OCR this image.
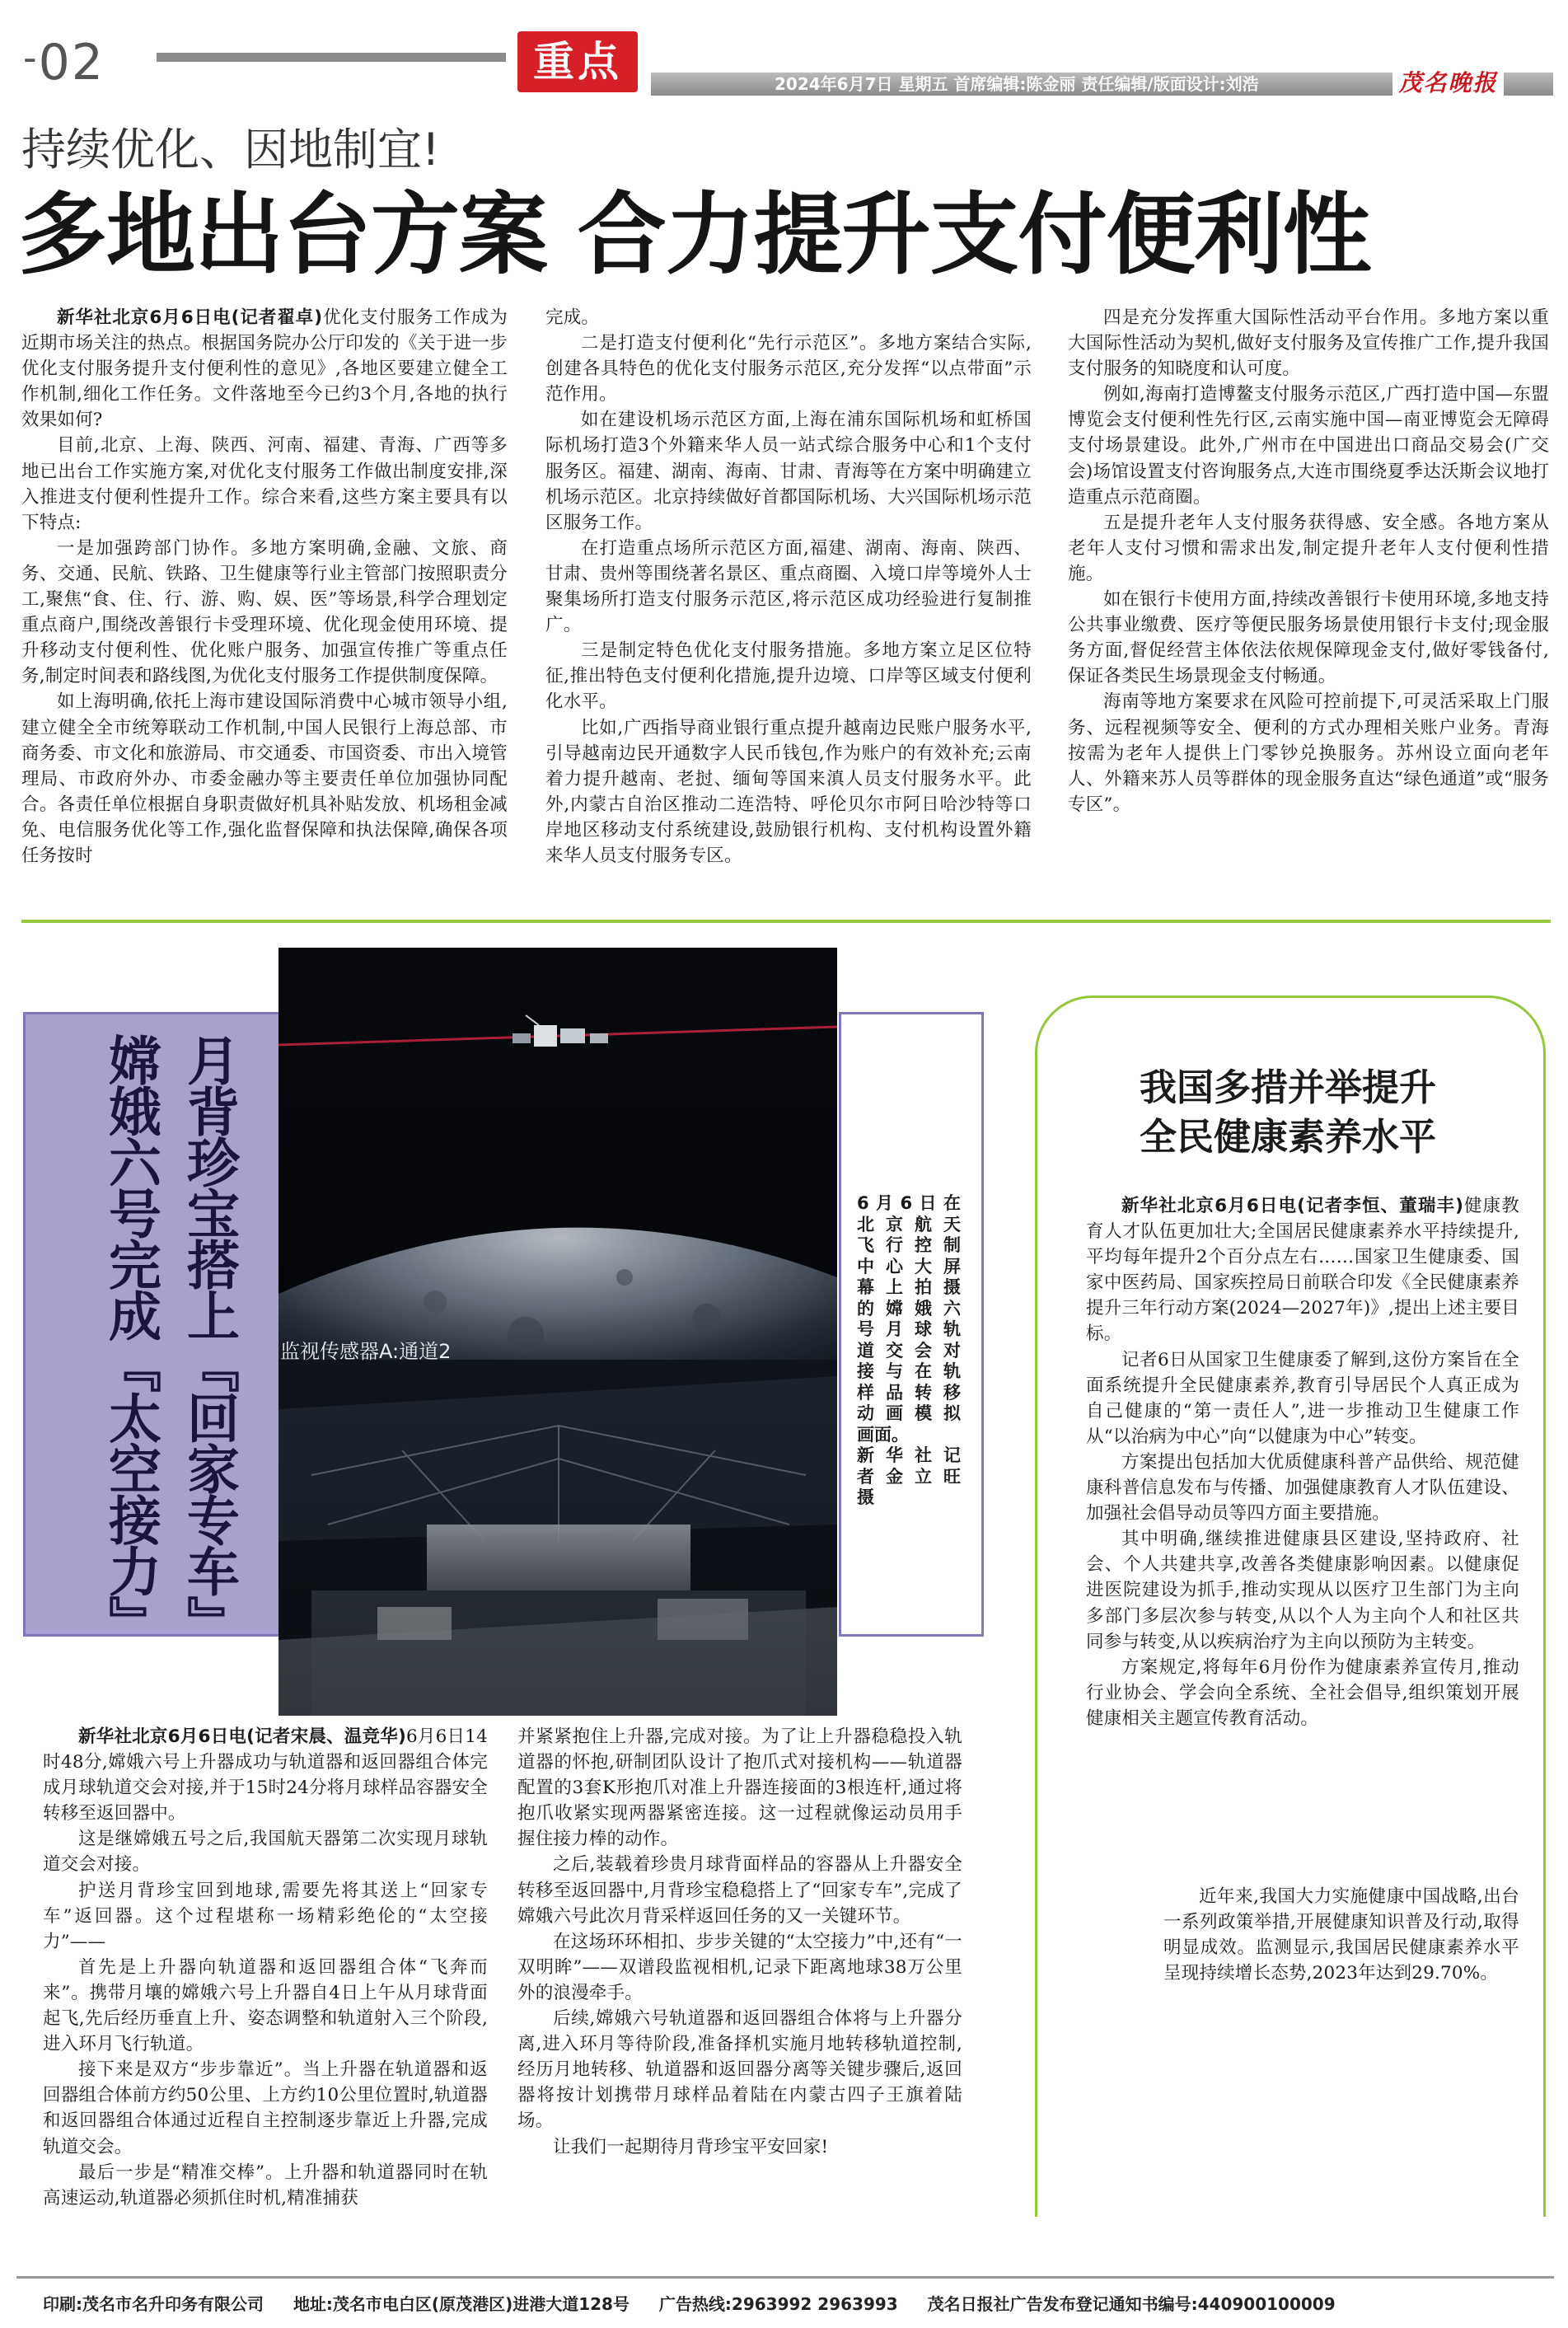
-02	重点	2024年6月7日 星期五 首席编辑:陈金丽 责任编辑/版面设计:刘浩	茂名晚报
持续优化、因地制宜!
多地出台方案 合力提升支付便利性

新华社北京6月6日电(记者翟卓)优化支付服务工作成为近期市场关注的热点。根据国务院办公厅印发的《关于进一步优化支付服务提升支付便利性的意见》,各地区要建立健全工作机制,细化工作任务。文件落地至今已约3个月,各地的执行效果如何?

目前,北京、上海、陕西、河南、福建、青海、广西等多地已出台工作实施方案,对优化支付服务工作做出制度安排,深入推进支付便利性提升工作。综合来看,这些方案主要具有以下特点:

一是加强跨部门协作。多地方案明确,金融、文旅、商务、交通、民航、铁路、卫生健康等行业主管部门按照职责分工,聚焦“食、住、行、游、购、娱、医”等场景,科学合理划定重点商户,围绕改善银行卡受理环境、优化现金使用环境、提升移动支付便利性、优化账户服务、加强宣传推广等重点任务,制定时间表和路线图,为优化支付服务工作提供制度保障。

如上海明确,依托上海市建设国际消费中心城市领导小组,建立健全全市统筹联动工作机制,中国人民银行上海总部、市商务委、市文化和旅游局、市交通委、市国资委、市出入境管理局、市政府外办、市委金融办等主要责任单位加强协同配合。各责任单位根据自身职责做好机具补贴发放、机场租金减免、电信服务优化等工作,强化监督保障和执法保障,确保各项任务按时

完成。

二是打造支付便利化“先行示范区”。多地方案结合实际,创建各具特色的优化支付服务示范区,充分发挥“以点带面”示范作用。

如在建设机场示范区方面,上海在浦东国际机场和虹桥国际机场打造3个外籍来华人员一站式综合服务中心和1个支付服务区。福建、湖南、海南、甘肃、青海等在方案中明确建立机场示范区。北京持续做好首都国际机场、大兴国际机场示范区服务工作。

在打造重点场所示范区方面,福建、湖南、海南、陕西、甘肃、贵州等围绕著名景区、重点商圈、入境口岸等境外人士聚集场所打造支付服务示范区,将示范区成功经验进行复制推广。

三是制定特色优化支付服务措施。多地方案立足区位特征,推出特色支付便利化措施,提升边境、口岸等区域支付便利化水平。

比如,广西指导商业银行重点提升越南边民账户服务水平,引导越南边民开通数字人民币钱包,作为账户的有效补充;云南着力提升越南、老挝、缅甸等国来滇人员支付服务水平。此外,内蒙古自治区推动二连浩特、呼伦贝尔市阿日哈沙特等口岸地区移动支付系统建设,鼓励银行机构、支付机构设置外籍来华人员支付服务专区。

四是充分发挥重大国际性活动平台作用。多地方案以重大国际性活动为契机,做好支付服务及宣传推广工作,提升我国支付服务的知晓度和认可度。

例如,海南打造博鳌支付服务示范区,广西打造中国—东盟博览会支付便利性先行区,云南实施中国—南亚博览会无障碍支付场景建设。此外,广州市在中国进出口商品交易会(广交会)场馆设置支付咨询服务点,大连市围绕夏季达沃斯会议地打造重点示范商圈。

五是提升老年人支付服务获得感、安全感。各地方案从老年人支付习惯和需求出发,制定提升老年人支付便利性措施。

如在银行卡使用方面,持续改善银行卡使用环境,多地支持公共事业缴费、医疗等便民服务场景使用银行卡支付;现金服务方面,督促经营主体依法依规保障现金支付,做好零钱备付,保证各类民生场景现金支付畅通。

海南等地方案要求在风险可控前提下,可灵活采取上门服务、远程视频等安全、便利的方式办理相关账户业务。青海按需为老年人提供上门零钞兑换服务。苏州设立面向老年人、外籍来苏人员等群体的现金服务直达“绿色通道”或“服务专区”。

月背珍宝搭上『回家专车』
嫦娥六号完成『太空接力』	监视传感器A:通道2
6月6日在
北京航天
飞行控制
中心大屏
幕上拍摄
的嫦娥六
号月球轨
道交会对
接与在轨
样品转移
动画模拟
画面。
新华社记
者金立旺
摄

新华社北京6月6日电(记者宋晨、温竞华)6月6日14时48分,嫦娥六号上升器成功与轨道器和返回器组合体完成月球轨道交会对接,并于15时24分将月球样品容器安全转移至返回器中。

这是继嫦娥五号之后,我国航天器第二次实现月球轨道交会对接。

护送月背珍宝回到地球,需要先将其送上“回家专车”返回器。这个过程堪称一场精彩绝伦的“太空接力”——

首先是上升器向轨道器和返回器组合体“飞奔而来”。携带月壤的嫦娥六号上升器自4日上午从月球背面起飞,先后经历垂直上升、姿态调整和轨道射入三个阶段,进入环月飞行轨道。

接下来是双方“步步靠近”。当上升器在轨道器和返回器组合体前方约50公里、上方约10公里位置时,轨道器和返回器组合体通过近程自主控制逐步靠近上升器,完成轨道交会。

最后一步是“精准交棒”。上升器和轨道器同时在轨高速运动,轨道器必须抓住时机,精准捕获

并紧紧抱住上升器,完成对接。为了让上升器稳稳投入轨道器的怀抱,研制团队设计了抱爪式对接机构——轨道器配置的3套K形抱爪对准上升器连接面的3根连杆,通过将抱爪收紧实现两器紧密连接。这一过程就像运动员用手握住接力棒的动作。

之后,装载着珍贵月球背面样品的容器从上升器安全转移至返回器中,月背珍宝稳稳搭上了“回家专车”,完成了嫦娥六号此次月背采样返回任务的又一关键环节。

在这场环环相扣、步步关键的“太空接力”中,还有“一双明眸”——双谱段监视相机,记录下距离地球38万公里外的浪漫牵手。

后续,嫦娥六号轨道器和返回器组合体将与上升器分离,进入环月等待阶段,准备择机实施月地转移轨道控制,经历月地转移、轨道器和返回器分离等关键步骤后,返回器将按计划携带月球样品着陆在内蒙古四子王旗着陆场。

让我们一起期待月背珍宝平安回家!

我国多措并举提升
全民健康素养水平

新华社北京6月6日电(记者李恒、董瑞丰)健康教育人才队伍更加壮大;全国居民健康素养水平持续提升,平均每年提升2个百分点左右……国家卫生健康委、国家中医药局、国家疾控局日前联合印发《全民健康素养提升三年行动方案(2024—2027年)》,提出上述主要目标。

记者6日从国家卫生健康委了解到,这份方案旨在全面系统提升全民健康素养,教育引导居民个人真正成为自己健康的“第一责任人”,进一步推动卫生健康工作从“以治病为中心”向“以健康为中心”转变。

方案提出包括加大优质健康科普产品供给、规范健康科普信息发布与传播、加强健康教育人才队伍建设、加强社会倡导动员等四方面主要措施。

其中明确,继续推进健康县区建设,坚持政府、社会、个人共建共享,改善各类健康影响因素。以健康促进医院建设为抓手,推动实现从以医疗卫生部门为主向多部门多层次参与转变,从以个人为主向个人和社区共同参与转变,从以疾病治疗为主向以预防为主转变。

方案规定,将每年6月份作为健康素养宣传月,推动行业协会、学会向全系统、全社会倡导,组织策划开展健康相关主题宣传教育活动。

近年来,我国大力实施健康中国战略,出台一系列政策举措,开展健康知识普及行动,取得明显成效。监测显示,我国居民健康素养水平呈现持续增长态势,2023年达到29.70%。

印刷:茂名市名升印务有限公司 地址:茂名市电白区(原茂港区)进港大道128号 广告热线:2963992 2963993 茂名日报社广告发布登记通知书编号:440900100009
